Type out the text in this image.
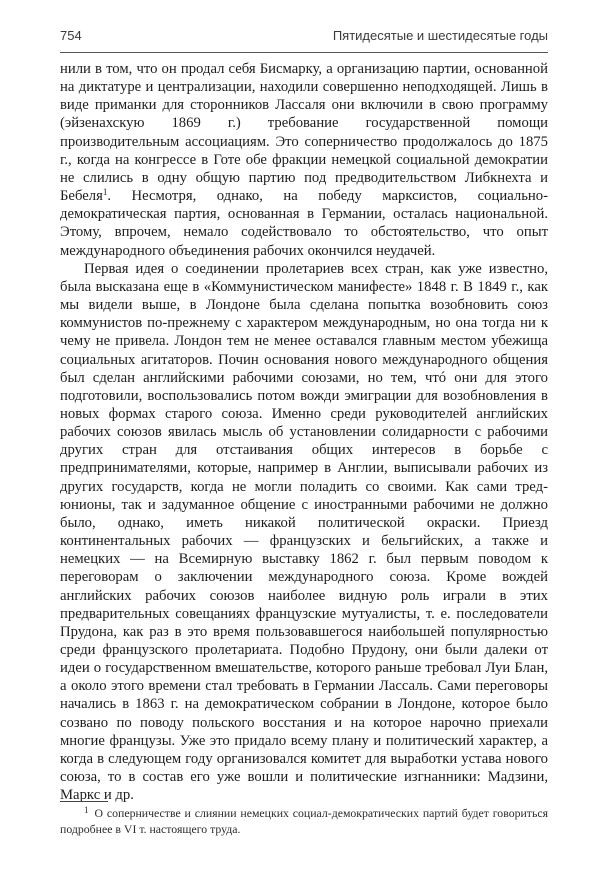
754	Пятидесятые и шестидесятые годы

нили в том, что он продал себя Бисмарку, а организацию партии, основанной на диктатуре и централизации, находили совершенно неподходящей. Лишь в виде приманки для сторонников Лассаля они включили в свою программу (эйзенахскую 1869 г.) требование государственной помощи производительным ассоциациям. Это соперничество продолжалось до 1875 г., когда на конгрессе в Готе обе фракции немецкой социальной демократии не слились в одну общую партию под предводительством Либкнехта и Бебеля$^1$. Несмотря, однако, на победу марксистов, социально-демократическая партия, основанная в Германии, осталась национальной. Этому, впрочем, немало содействовало то обстоятельство, что опыт международного объединения рабочих окончился неудачей.

Первая идея о соединении пролетариев всех стран, как уже известно, была высказана еще в «Коммунистическом манифесте» 1848 г. В 1849 г., как мы видели выше, в Лондоне была сделана попытка возобновить союз коммунистов по-прежнему с характером международным, но она тогда ни к чему не привела. Лондон тем не менее оставался главным местом убежища социальных агитаторов. Почин основания нового международного общения был сделан английскими рабочими союзами, но тем, чтó они для этого подготовили, воспользовались потом вожди эмиграции для возобновления в новых формах старого союза. Именно среди руководителей английских рабочих союзов явилась мысль об установлении солидарности с рабочими других стран для отстаивания общих интересов в борьбе с предпринимателями, которые, например в Англии, выписывали рабочих из других государств, когда не могли поладить со своими. Как сами тред-юнионы, так и задуманное общение с иностранными рабочими не должно было, однако, иметь никакой политической окраски. Приезд континентальных рабочих — французских и бельгийских, а также и немецких — на Всемирную выставку 1862 г. был первым поводом к переговорам о заключении международного союза. Кроме вождей английских рабочих союзов наиболее видную роль играли в этих предварительных совещаниях французские мутуалисты, т. е. последователи Прудона, как раз в это время пользовавшегося наибольшей популярностью среди французского пролетариата. Подобно Прудону, они были далеки от идеи о государственном вмешательстве, которого раньше требовал Луи Блан, а около этого времени стал требовать в Германии Лассаль. Сами переговоры начались в 1863 г. на демократическом собрании в Лондоне, которое было созвано по поводу польского восстания и на которое нарочно приехали многие французы. Уже это придало всему плану и политический характер, а когда в следующем году организовался комитет для выработки устава нового союза, то в состав его уже вошли и политические изгнанники: Мадзини, Маркс и др.

$^1$ О соперничестве и слиянии немецких социал-демократических партий будет говориться подробнее в VI т. настоящего труда.
